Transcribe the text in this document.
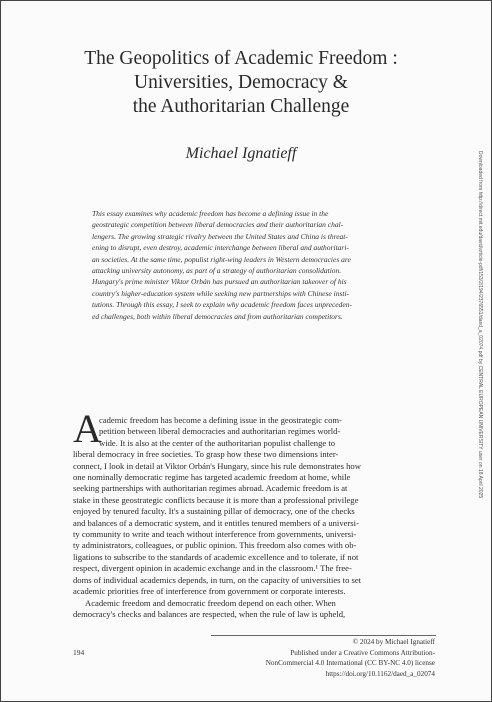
The Geopolitics of Academic Freedom :
Universities, Democracy &
the Authoritarian Challenge
Michael Ignatieff
This essay examines why academic freedom has become a defining issue in the
geostrategic competition between liberal democracies and their authoritarian chal-
lengers. The growing strategic rivalry between the United States and China is threat-
ening to disrupt, even destroy, academic interchange between liberal and authoritari-
an societies. At the same time, populist right-wing leaders in Western democracies are
attacking university autonomy, as part of a strategy of authoritarian consolidation.
Hungary's prime minister Viktor Orbán has pursued an authoritarian takeover of his
country's higher-education system while seeking new partnerships with Chinese insti-
tutions. Through this essay, I seek to explain why academic freedom faces unpreceden-
ed challenges, both within liberal democracies and from authoritarian competitors.
A
cademic freedom has become a defining issue in the geostrategic com-
petition between liberal democracies and authoritarian regimes world-
wide. It is also at the center of the authoritarian populist challenge to
liberal democracy in free societies. To grasp how these two dimensions inter-
connect, I look in detail at Viktor Orbán's Hungary, since his rule demonstrates how
one nominally democratic regime has targeted academic freedom at home, while
seeking partnerships with authoritarian regimes abroad. Academic freedom is at
stake in these geostrategic conflicts because it is more than a professional privilege
enjoyed by tenured faculty. It's a sustaining pillar of democracy, one of the checks
and balances of a democratic system, and it entitles tenured members of a universi-
ty community to write and teach without interference from governments, universi-
ty administrators, colleagues, or public opinion. This freedom also comes with ob-
ligations to subscribe to the standards of academic excellence and to tolerate, if not
respect, divergent opinion in academic exchange and in the classroom.¹ The free-
doms of individual academics depends, in turn, on the capacity of universities to set
academic priorities free of interference from government or corporate interests.
Academic freedom and democratic freedom depend on each other. When
democracy's checks and balances are respected, when the rule of law is upheld,
194
© 2024 by Michael Ignatieff
Published under a Creative Commons Attribution-
NonCommercial 4.0 International (CC BY-NC 4.0) license
https://doi.org/10.1162/daed_a_02074
Downloaded from http://direct.mit.edu/daed/article-pdf/153/2/194/2376551/daed_a_02074.pdf by CENTRAL EUROPEAN UNIVERSITY user on 18 April 2025
